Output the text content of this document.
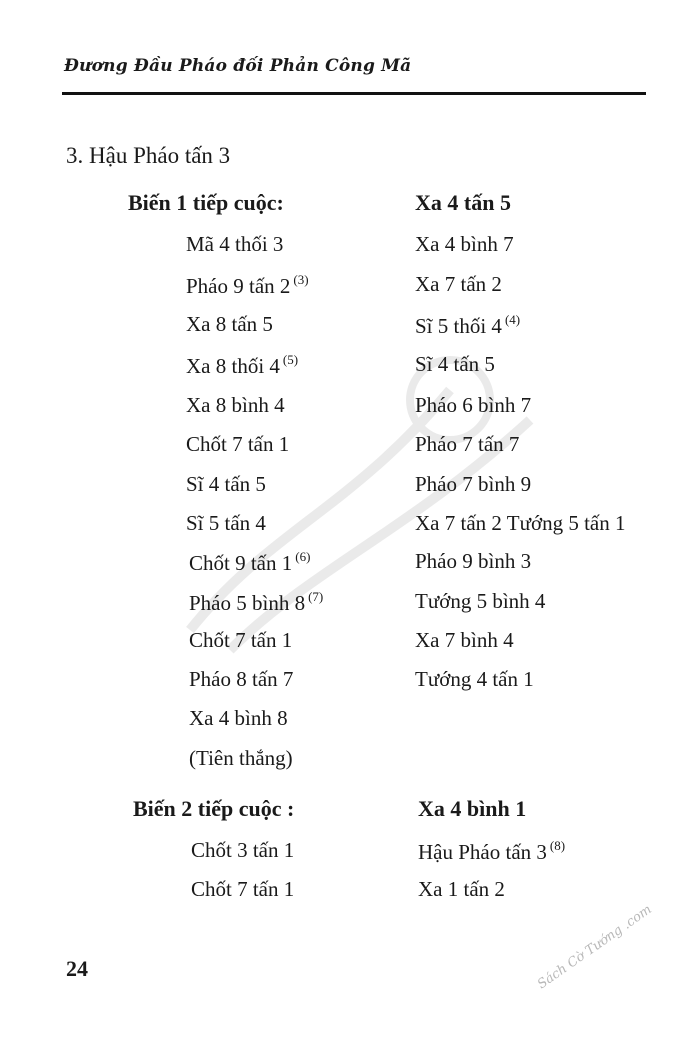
Đương Đầu Pháo đối Phản Công Mã
3. Hậu Pháo tấn 3
Biến 1 tiếp cuộc:	Xa 4 tấn 5
Mã 4 thối 3	Xa 4 bình 7
Pháo 9 tấn 2 $^{(3)}$	Xa 7 tấn 2
Xa 8 tấn 5	Sĩ 5 thối 4 $^{(4)}$
Xa 8 thối 4 $^{(5)}$	Sĩ 4 tấn 5
Xa 8 bình 4	Pháo 6 bình 7
Chốt 7 tấn 1	Pháo 7 tấn 7
Sĩ 4 tấn 5	Pháo 7 bình 9
Sĩ 5 tấn 4	Xa 7 tấn 2 Tướng 5 tấn 1
Chốt 9 tấn 1 $^{(6)}$	Pháo 9 bình 3
Pháo 5 bình 8 $^{(7)}$	Tướng 5 bình 4
Chốt 7 tấn 1	Xa 7 bình 4
Pháo 8 tấn 7	Tướng 4 tấn 1
Xa 4 bình 8
(Tiên thắng)
Biến 2 tiếp cuộc :	Xa 4 bình 1
Chốt 3 tấn 1	Hậu Pháo tấn 3 $^{(8)}$
Chốt 7 tấn 1	Xa 1 tấn 2
24	Sách Cờ Tướng .com
